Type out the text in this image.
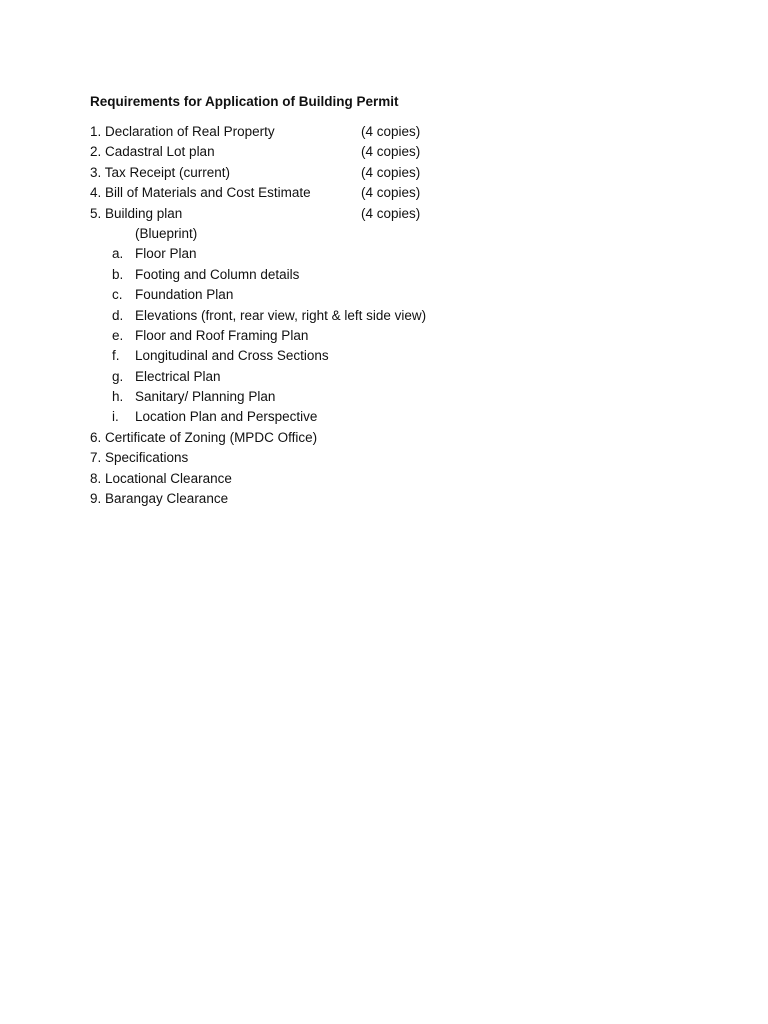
Requirements for Application of Building Permit
1. Declaration of Real Property	(4 copies)
2. Cadastral Lot plan	(4 copies)
3. Tax Receipt (current)	(4 copies)
4. Bill of Materials and Cost Estimate	(4 copies)
5. Building plan	(4 copies)
(Blueprint)
a. Floor Plan
b. Footing and Column details
c. Foundation Plan
d. Elevations (front, rear view, right & left side view)
e. Floor and Roof Framing Plan
f. Longitudinal and Cross Sections
g. Electrical Plan
h. Sanitary/ Planning Plan
i. Location Plan and Perspective
6. Certificate of Zoning (MPDC Office)
7. Specifications
8. Locational Clearance
9. Barangay Clearance
